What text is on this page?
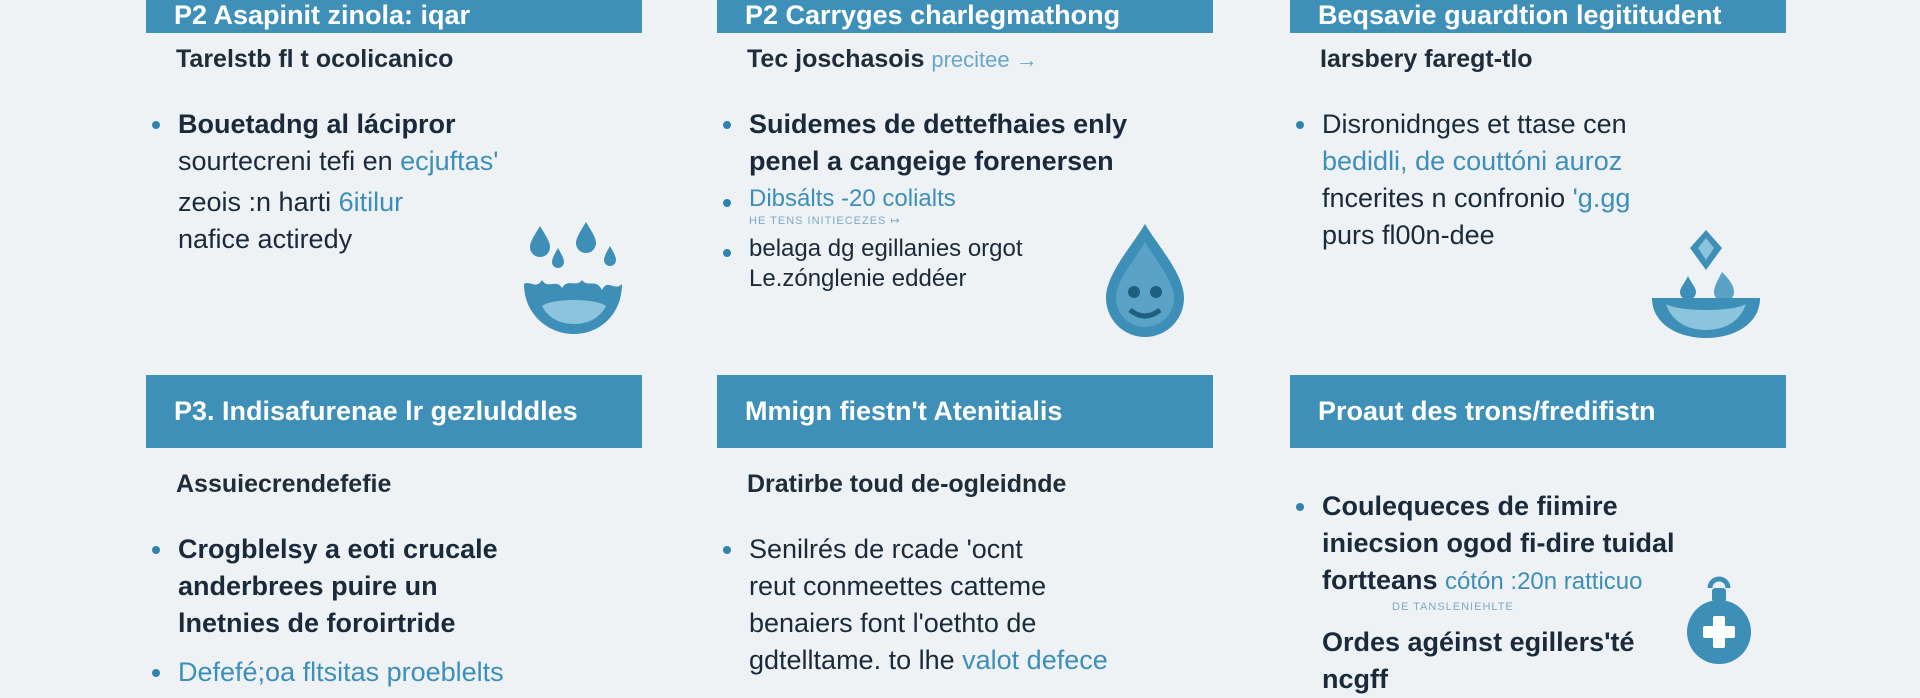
P2 Asapinit zinola: iqar
Tarelstb fl t ocolicanico
Bouetadng al lácipror
sourtecreni tefi en ecjuftas'
zeois :n harti 6itilur
nafice actiredy
P2 Carryges charlegmathong
Tec joschasois precitee →
Suidemes de dettefhaies enly
penel a cangeige forenersen
Dibsálts -20 colialts
HE TENS INITIECEZES ↦
belaga dg egillanies orgot
Le.zónglenie eddéer
Beqsavie guardtion legititudent
Iarsbery faregt-tlo
Disronidnges et ttase cen
bedidli, de couttóni auroz
fncerites n confronio 'g.gg
purs fl00n-dee
P3. Indisafurenae lr gezlulddles
Assuiecrendefefie
Crogblelsy a eoti crucale
anderbrees puire un
lnetnies de foroirtride
Defefé;oa fltsitas proeblelts
Mmign fiestn't Atenitialis
Dratirbe toud de-ogleidnde
Senilrés de rcade 'ocnt
reut conmeettes catteme
benaiers font l'oethto de
gdtelltame. to lhe valot defece
Proaut des trons/fredifistn
Coulequeces de fiimire
iniecsion ogod fi-dire tuidal
fortteans cótón :20n ratticuo
DE TANSLENIEHLTE
Ordes agéinst egillers'té
ncgff
